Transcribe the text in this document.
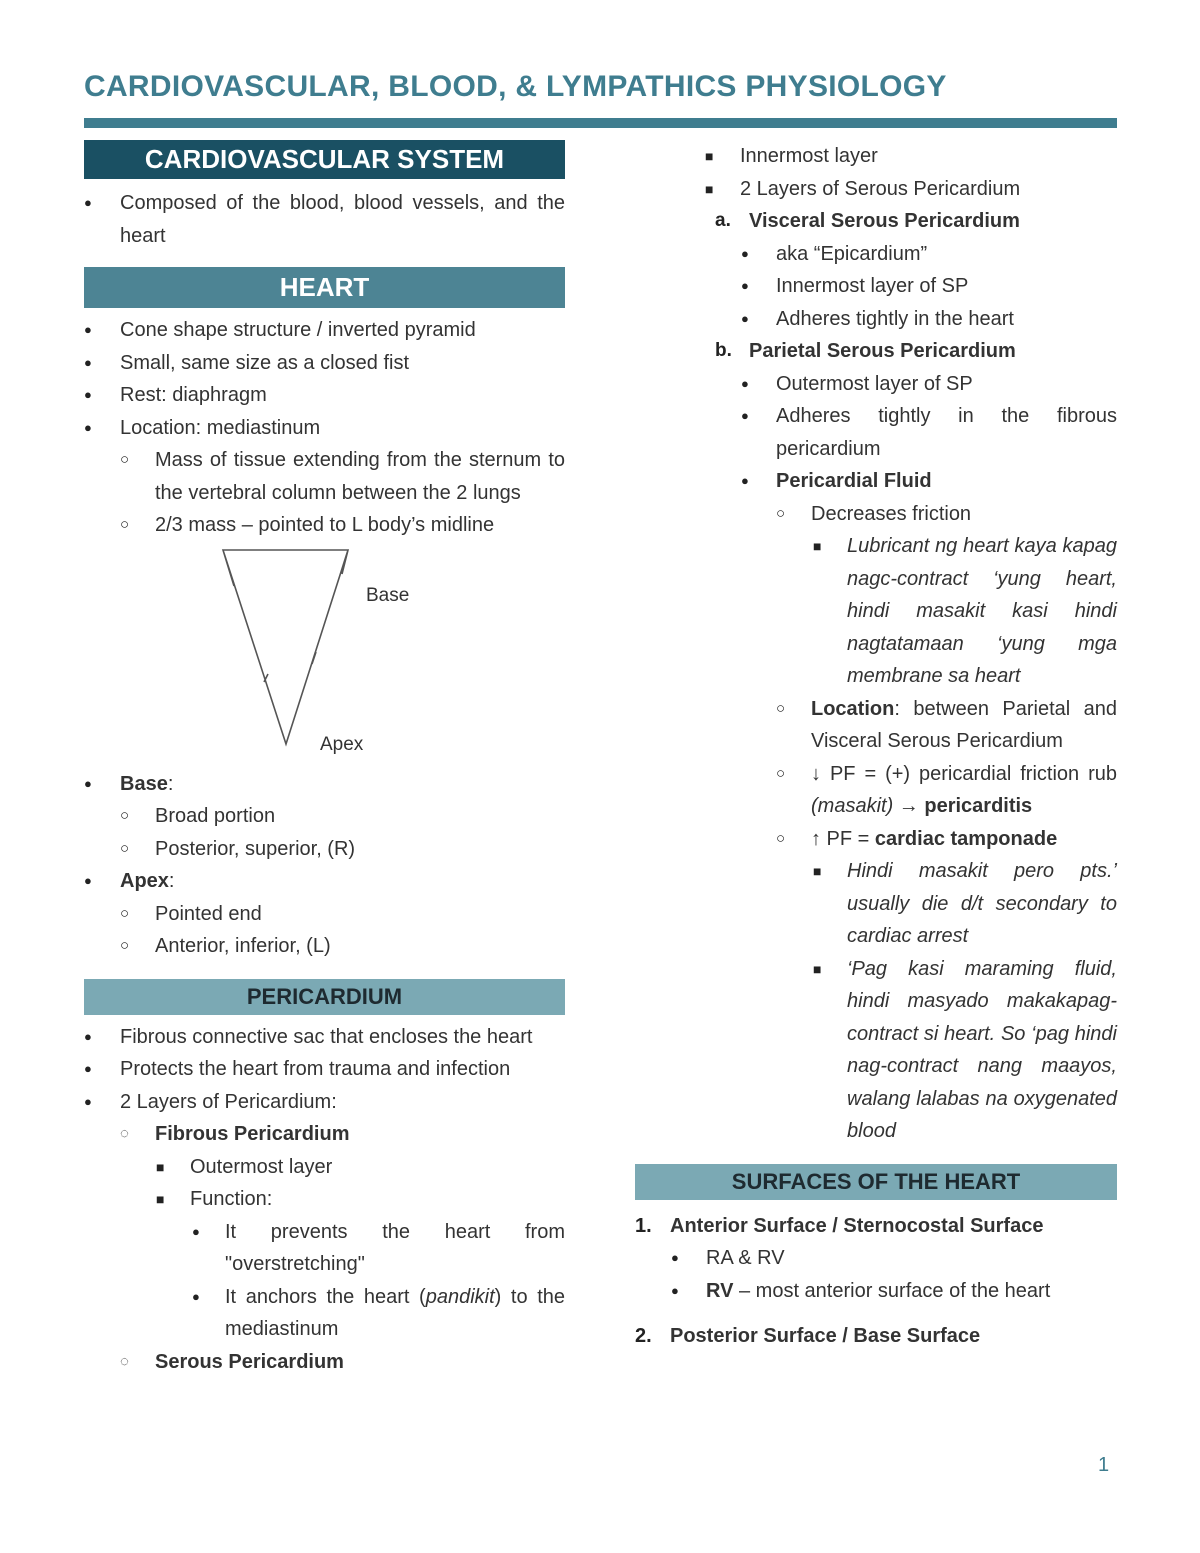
CARDIOVASCULAR, BLOOD, & LYMPATHICS PHYSIOLOGY
CARDIOVASCULAR SYSTEM
● Composed of the blood, blood vessels, and the heart
HEART
● Cone shape structure / inverted pyramid
● Small, same size as a closed fist
● Rest: diaphragm
● Location: mediastinum
○ Mass of tissue extending from the sternum to the vertebral column between the 2 lungs
○ 2/3 mass – pointed to L body’s midline
Base
Apex
● Base:
○ Broad portion
○ Posterior, superior, (R)
● Apex:
○ Pointed end
○ Anterior, inferior, (L)
PERICARDIUM
● Fibrous connective sac that encloses the heart
● Protects the heart from trauma and infection
● 2 Layers of Pericardium:
◌ Fibrous Pericardium
■ Outermost layer
■ Function:
● It prevents the heart from "overstretching"
● It anchors the heart (pandikit) to the mediastinum
◌ Serous Pericardium
■ Innermost layer
■ 2 Layers of Serous Pericardium
a. Visceral Serous Pericardium
● aka “Epicardium”
● Innermost layer of SP
● Adheres tightly in the heart
b. Parietal Serous Pericardium
● Outermost layer of SP
● Adheres tightly in the fibrous pericardium
● Pericardial Fluid
○ Decreases friction
■ Lubricant ng heart kaya kapag nagc-contract ‘yung heart, hindi masakit kasi hindi nagtatamaan ‘yung mga membrane sa heart
○ Location: between Parietal and Visceral Serous Pericardium
○ ↓ PF = (+) pericardial friction rub (masakit) → pericarditis
○ ↑ PF = cardiac tamponade
■ Hindi masakit pero pts.’ usually die d/t secondary to cardiac arrest
■ ‘Pag kasi maraming fluid, hindi masyado makakapag-contract si heart. So ‘pag hindi nag-contract nang maayos, walang lalabas na oxygenated blood
SURFACES OF THE HEART
1. Anterior Surface / Sternocostal Surface
● RA & RV
● RV – most anterior surface of the heart
2. Posterior Surface / Base Surface
1
